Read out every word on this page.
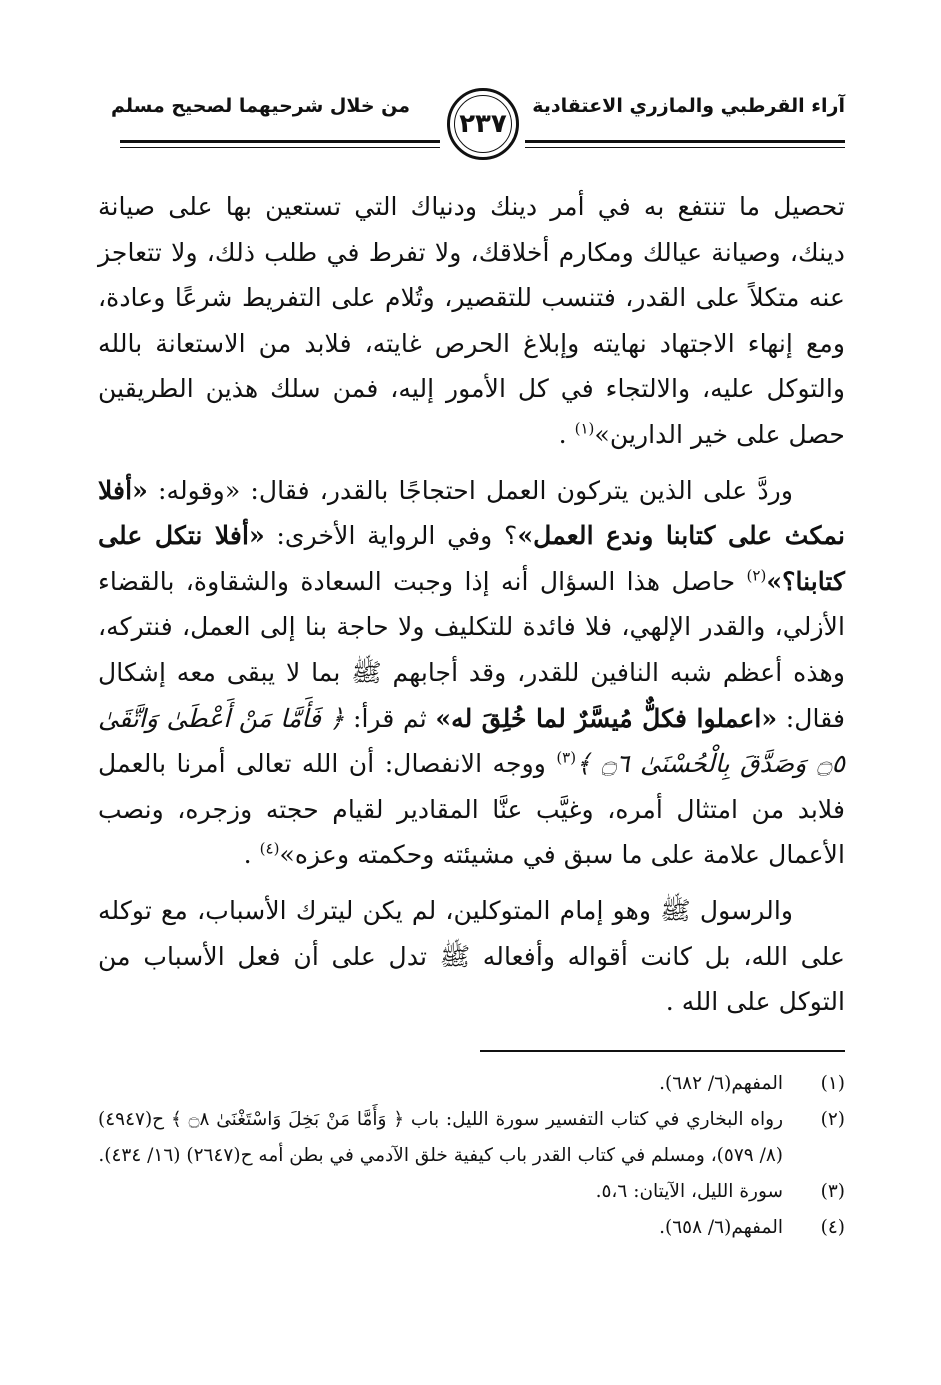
آراء القرطبي والمازري الاعتقادية
من خلال شرحيهما لصحيح مسلم
٢٣٧

تحصيل ما تنتفع به في أمر دينك ودنياك التي تستعين بها على صيانة دينك، وصيانة عيالك ومكارم أخلاقك، ولا تفرط في طلب ذلك، ولا تتعاجز عنه متكلاً على القدر، فتنسب للتقصير، وتُلام على التفريط شرعًا وعادة، ومع إنهاء الاجتهاد نهايته وإبلاغ الحرص غايته، فلابد من الاستعانة بالله والتوكل عليه، والالتجاء في كل الأمور إليه، فمن سلك هذين الطريقين حصل على خير الدارين»$^{(١)}$ .

وردَّ على الذين يتركون العمل احتجاجًا بالقدر، فقال: «وقوله: «أفلا نمكث على كتابنا وندع العمل»؟ وفي الرواية الأخرى: «أفلا نتكل على كتابنا؟»$^{(٢)}$ حاصل هذا السؤال أنه إذا وجبت السعادة والشقاوة، بالقضاء الأزلي، والقدر الإلهي، فلا فائدة للتكليف ولا حاجة بنا إلى العمل، فنتركه، وهذه أعظم شبه النافين للقدر، وقد أجابهم ﷺ بما لا يبقى معه إشكال فقال: «اعملوا فكلٌّ مُيسَّرٌ لما خُلِقَ له» ثم قرأ: ﴿ فَأَمَّا مَنْ أَعْطَىٰ وَاتَّقَىٰ ۝٥ وَصَدَّقَ بِالْحُسْنَىٰ ۝٦ ﴾$^{(٣)}$ ووجه الانفصال: أن الله تعالى أمرنا بالعمل فلابد من امتثال أمره، وغيَّب عنَّا المقادير لقيام حجته وزجره، ونصب الأعمال علامة على ما سبق في مشيئته وحكمته وعزه»$^{(٤)}$ .

والرسول ﷺ وهو إمام المتوكلين، لم يكن ليترك الأسباب، مع توكله على الله، بل كانت أقواله وأفعاله ﷺ تدل على أن فعل الأسباب من التوكل على الله .

(١)
المفهم(٦/ ٦٨٢).
(٢)
رواه البخاري في كتاب التفسير سورة الليل: باب ﴿ وَأَمَّا مَنْ بَخِلَ وَاسْتَغْنَىٰ ۝٨ ﴾ ح(٤٩٤٧) (٨/ ٥٧٩)، ومسلم في كتاب القدر باب كيفية خلق الآدمي في بطن أمه ح(٢٦٤٧) (١٦/ ٤٣٤).
(٣)
سورة الليل، الآيتان: ٥،٦.
(٤)
المفهم(٦/ ٦٥٨).
